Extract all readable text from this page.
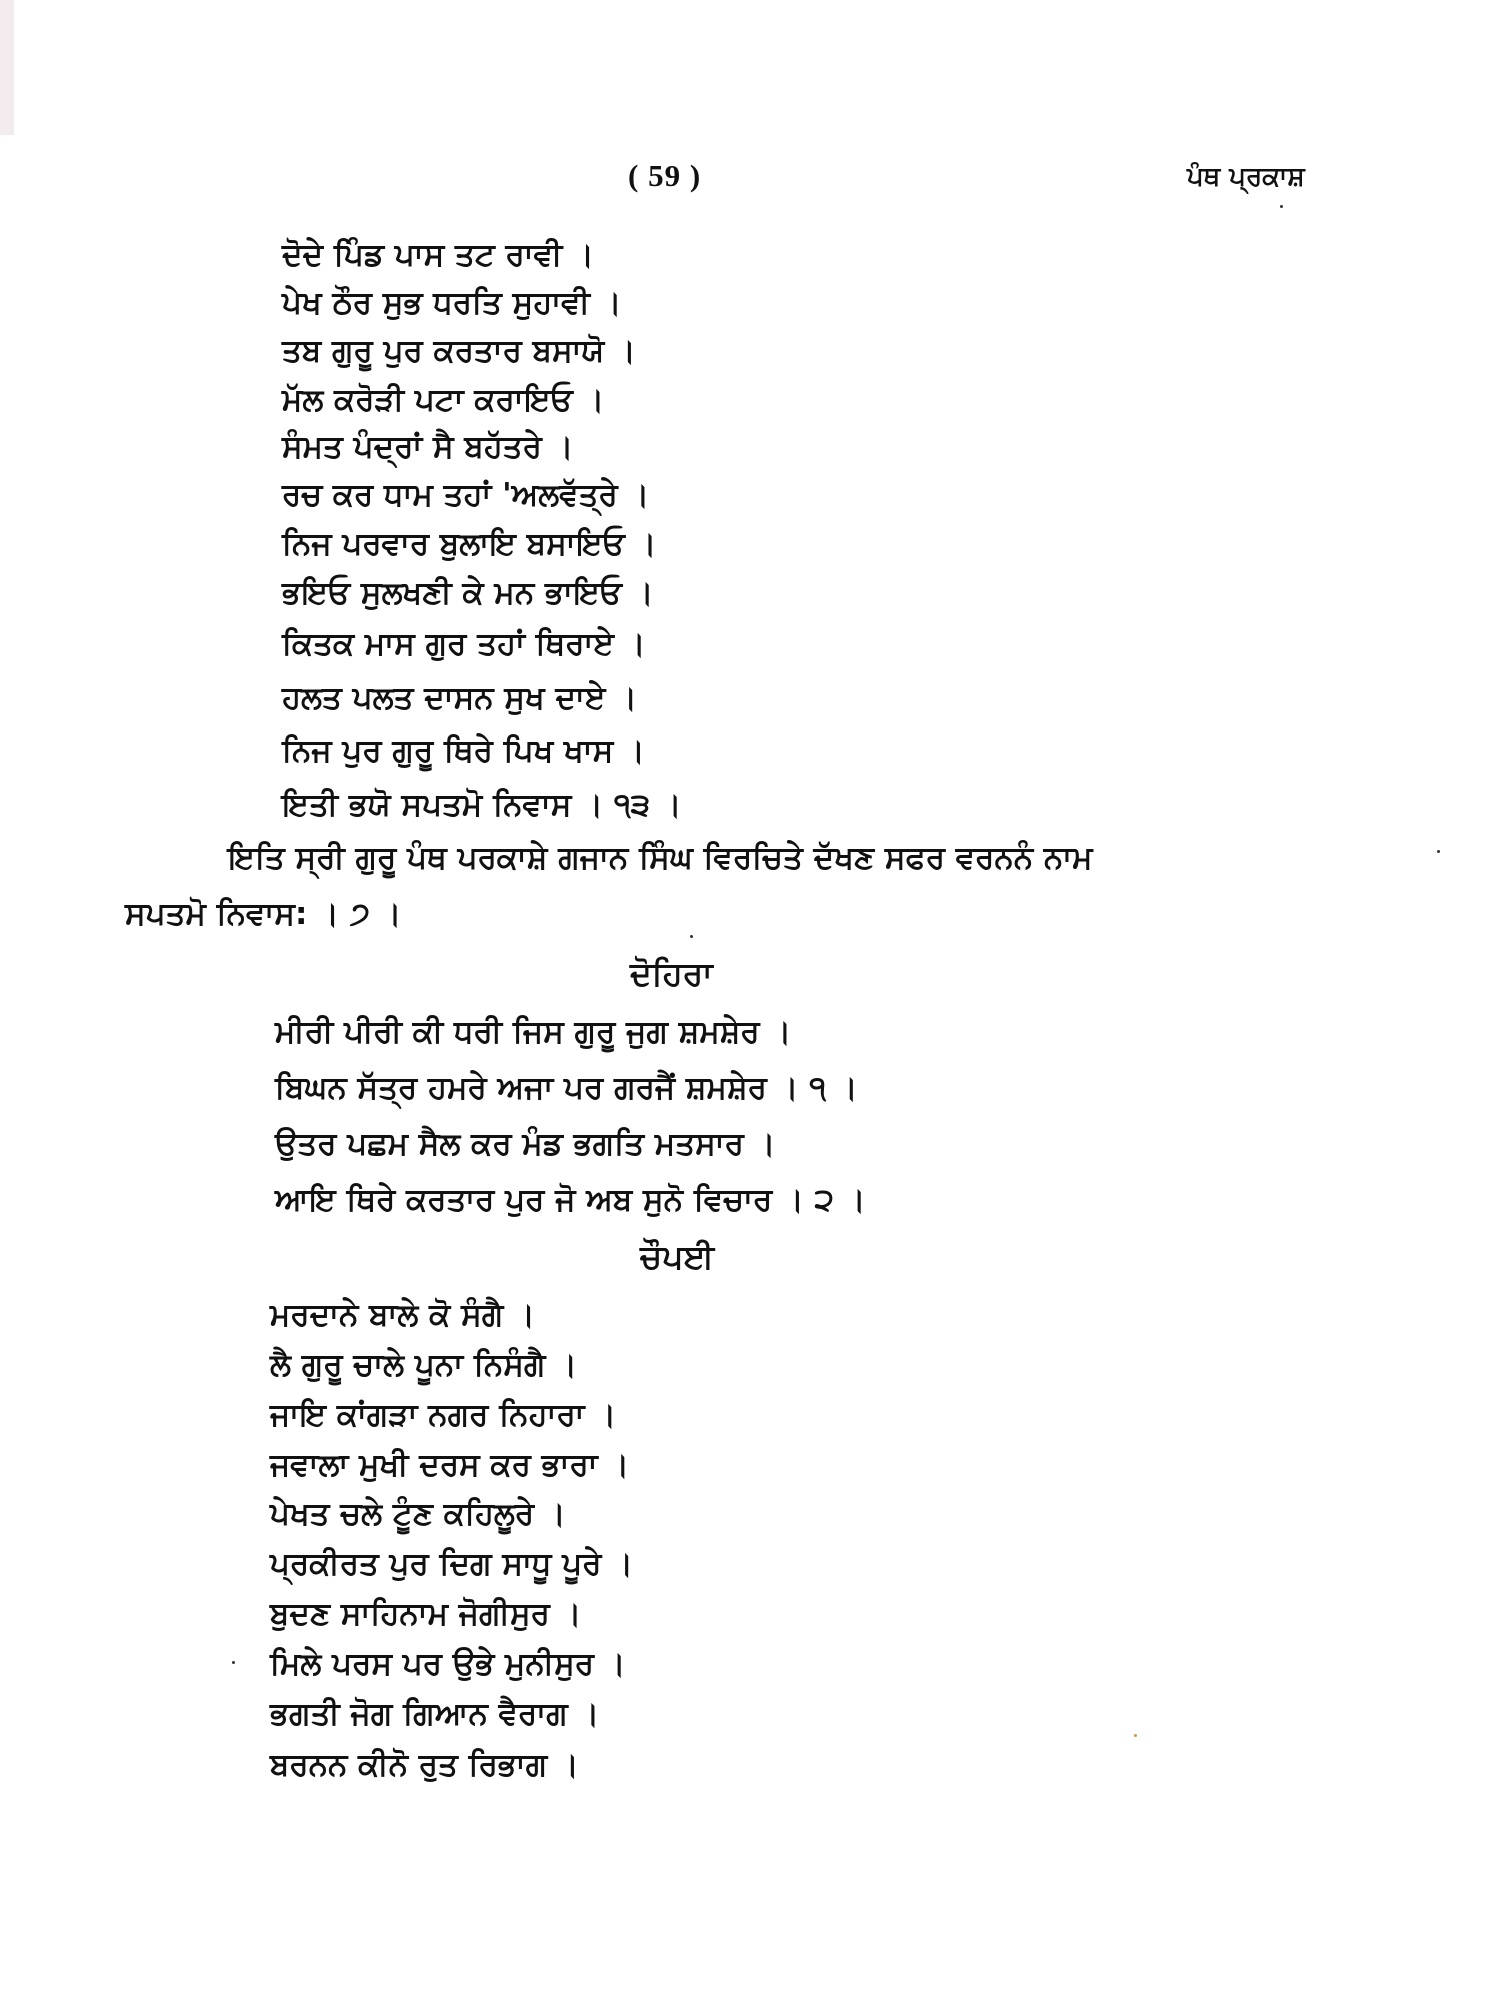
( 59 )	ਪੰਥ ਪ੍ਰਕਾਸ਼
ਦੋਦੇ ਪਿੰਡ ਪਾਸ ਤਟ ਰਾਵੀ ।
ਪੇਖ ਠੌਰ ਸੁਭ ਧਰਤਿ ਸੁਹਾਵੀ ।
ਤਬ ਗੁਰੂ ਪੁਰ ਕਰਤਾਰ ਬਸਾਯੋ ।
ਮੱਲ ਕਰੋੜੀ ਪਟਾ ਕਰਾਇਓ ।
ਸੰਮਤ ਪੰਦ੍ਰਾਂ ਸੈ ਬਹੱਤਰੇ ।
ਰਚ ਕਰ ਧਾਮ ਤਹਾਂ 'ਅਲਵੱਤ੍ਰੇ ।
ਨਿਜ ਪਰਵਾਰ ਬੁਲਾਇ ਬਸਾਇਓ ।
ਭਇਓ ਸੁਲਖਣੀ ਕੇ ਮਨ ਭਾਇਓ ।
ਕਿਤਕ ਮਾਸ ਗੁਰ ਤਹਾਂ ਥਿਰਾਏ ।
ਹਲਤ ਪਲਤ ਦਾਸਨ ਸੁਖ ਦਾਏ ।
ਨਿਜ ਪੁਰ ਗੁਰੂ ਥਿਰੇ ਪਿਖ ਖਾਸ ।
ਇਤੀ ਭਯੋ ਸਪਤਮੋ ਨਿਵਾਸ । ੧੩ ।
ਇਤਿ ਸ੍ਰੀ ਗੁਰੂ ਪੰਥ ਪਰਕਾਸ਼ੇ ਗਜਾਨ ਸਿੰਘ ਵਿਰਚਿਤੇ ਦੱਖਣ ਸਫਰ ਵਰਨਨੰ ਨਾਮ
ਸਪਤਮੋ ਨਿਵਾਸ: । ੭ ।
ਦੋਹਿਰਾ
ਮੀਰੀ ਪੀਰੀ ਕੀ ਧਰੀ ਜਿਸ ਗੁਰੂ ਜੁਗ ਸ਼ਮਸ਼ੇਰ ।
ਬਿਘਨ ਸੱਤ੍ਰ ਹਮਰੇ ਅਜਾ ਪਰ ਗਰਜੈਂ ਸ਼ਮਸ਼ੇਰ । ੧ ।
ਉਤਰ ਪਛਮ ਸੈਲ ਕਰ ਮੰਡ ਭਗਤਿ ਮਤਸਾਰ ।
ਆਇ ਥਿਰੇ ਕਰਤਾਰ ਪੁਰ ਜੋ ਅਬ ਸੁਨੋ ਵਿਚਾਰ । ੨ ।
ਚੌਪਈ
ਮਰਦਾਨੇ ਬਾਲੇ ਕੋ ਸੰਗੈ ।
ਲੈ ਗੁਰੂ ਚਾਲੇ ਪੂਨਾ ਨਿਸੰਗੈ ।
ਜਾਇ ਕਾਂਗੜਾ ਨਗਰ ਨਿਹਾਰਾ ।
ਜਵਾਲਾ ਮੁਖੀ ਦਰਸ ਕਰ ਭਾਰਾ ।
ਪੇਖਤ ਚਲੇ ਟੂੰਣ ਕਹਿਲੂਰੇ ।
ਪ੍ਰਕੀਰਤ ਪੁਰ ਦਿਗ ਸਾਧੂ ਪੂਰੇ ।
ਬੁਦਣ ਸਾਹਿਨਾਮ ਜੋਗੀਸੁਰ ।
ਮਿਲੇ ਪਰਸ ਪਰ ਉਭੇ ਮੁਨੀਸੁਰ ।
ਭਗਤੀ ਜੋਗ ਗਿਆਨ ਵੈਰਾਗ ।
ਬਰਨਨ ਕੀਨੋ ਰੁਤ ਰਿਭਾਗ ।
